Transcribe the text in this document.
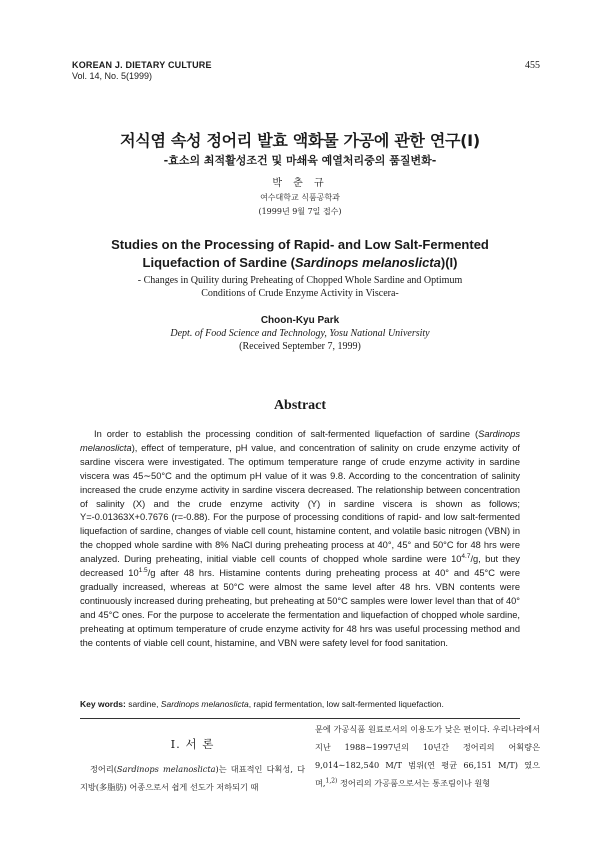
KOREAN J. DIETARY CULTURE
Vol. 14, No. 5(1999)
455
저식염 속성 정어리 발효 액화물 가공에 관한 연구(I)
-효소의 최적활성조건 및 마쇄육 예열처리중의 품질변화-
박 춘 규
여수대학교 식품공학과
(1999년 9월 7일 접수)
Studies on the Processing of Rapid- and Low Salt-Fermented
Liquefaction of Sardine (Sardinops melanoslicta)(I)
- Changes in Quility during Preheating of Chopped Whole Sardine and Optimum
Conditions of Crude Enzyme Activity in Viscera-
Choon-Kyu Park
Dept. of Food Science and Technology, Yosu National University
(Received September 7, 1999)
Abstract

In order to establish the processing condition of salt-fermented liquefaction of sardine (Sardinops melanoslicta), effect of temperature, pH value, and concentration of salinity on crude enzyme activity of sardine viscera were investigated. The optimum temperature range of crude enzyme activity in sardine viscera was 45∼50°C and the optimum pH value of it was 9.8. According to the concentration of salinity increased the crude enzyme activity in sardine viscera decreased. The relationship between concentration of salinity (X) and the crude enzyme activity (Y) in sardine viscera is shown as follows; Y=-0.01363X+0.7676 (r=-0.88). For the purpose of processing conditions of rapid- and low salt-fermented liquefaction of sardine, changes of viable cell count, histamine content, and volatile basic nitrogen (VBN) in the chopped whole sardine with 8% NaCl during preheating process at 40°, 45° and 50°C for 48 hrs were analyzed. During preheating, initial viable cell counts of chopped whole sardine were $10^{4.7}/g$, but they decreased $10^{1.5}/g$ after 48 hrs. Histamine contents during preheating process at 40° and 45°C were gradually increased, whereas at 50°C were almost the same level after 48 hrs. VBN contents were continuously increased during preheating, but preheating at 50°C samples were lower level than that of 40° and 45°C ones. For the purpose to accelerate the fermentation and liquefaction of chopped whole sardine, preheating at optimum temperature of crude enzyme activity for 48 hrs was useful processing method and the contents of viable cell count, histamine, and VBN were safety level for food sanitation.

Key words: sardine, Sardinops melanoslicta, rapid fermentation, low salt-fermented liquefaction.
I. 서 론

정어리(Sardinops melanoslicta)는 대표적인 다획성, 다지방(多脂肪) 어종으로서 쉽게 선도가 저하되기 때

문에 가공식품 원료로서의 이용도가 낮은 편이다. 우리나라에서 지난 1988∼1997년의 10년간 정어리의 어획량은 9,014∼182,540 M/T 범위(연 평균 66,151 M/T) 였으며,$^{1,2)}$ 정어리의 가공품으로서는 통조림이나 원형
